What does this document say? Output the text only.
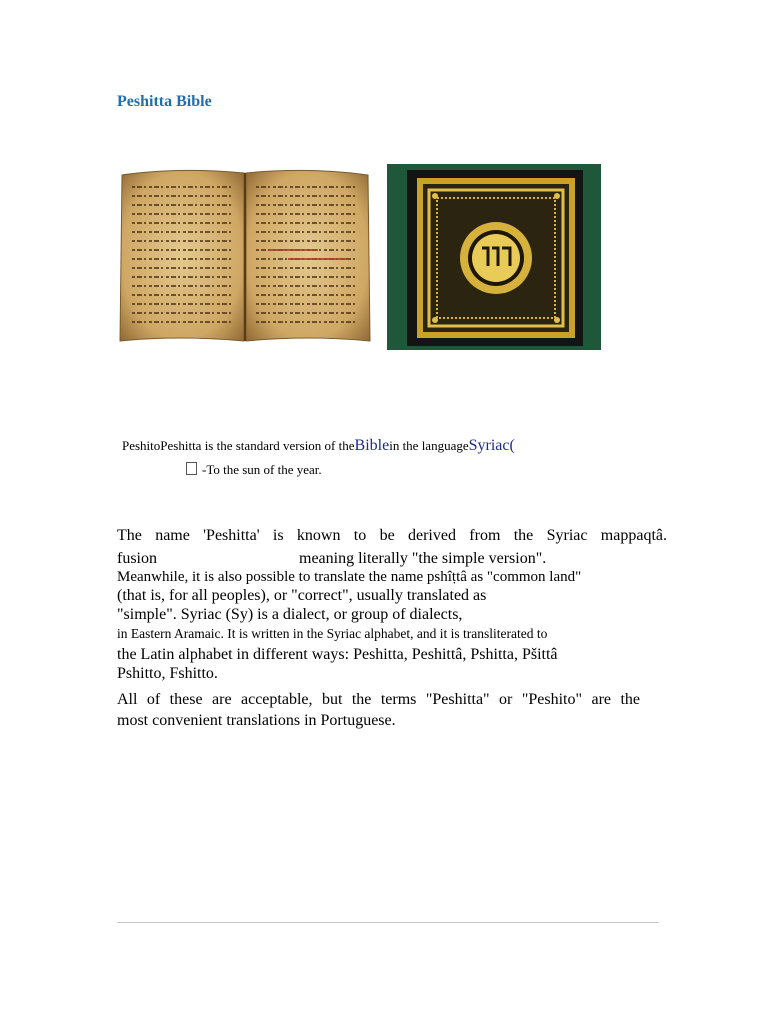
Peshitta Bible
PeshitoPeshitta is the standard version of theBiblein the languageSyriac(
-To the sun of the year.
The name 'Peshitta' is known to be derived from the Syriac mappaqtâ.
fusion	meaning literally "the simple version".
Meanwhile, it is also possible to translate the name pshîṭtâ as "common land"
(that is, for all peoples), or "correct", usually translated as
"simple". Syriac (Sy) is a dialect, or group of dialects,
in Eastern Aramaic. It is written in the Syriac alphabet, and it is transliterated to
the Latin alphabet in different ways: Peshitta, Peshittâ, Pshitta, Pšittâ
Pshitto, Fshitto.
All of these are acceptable, but the terms "Peshitta" or "Peshito" are the
most convenient translations in Portuguese.
